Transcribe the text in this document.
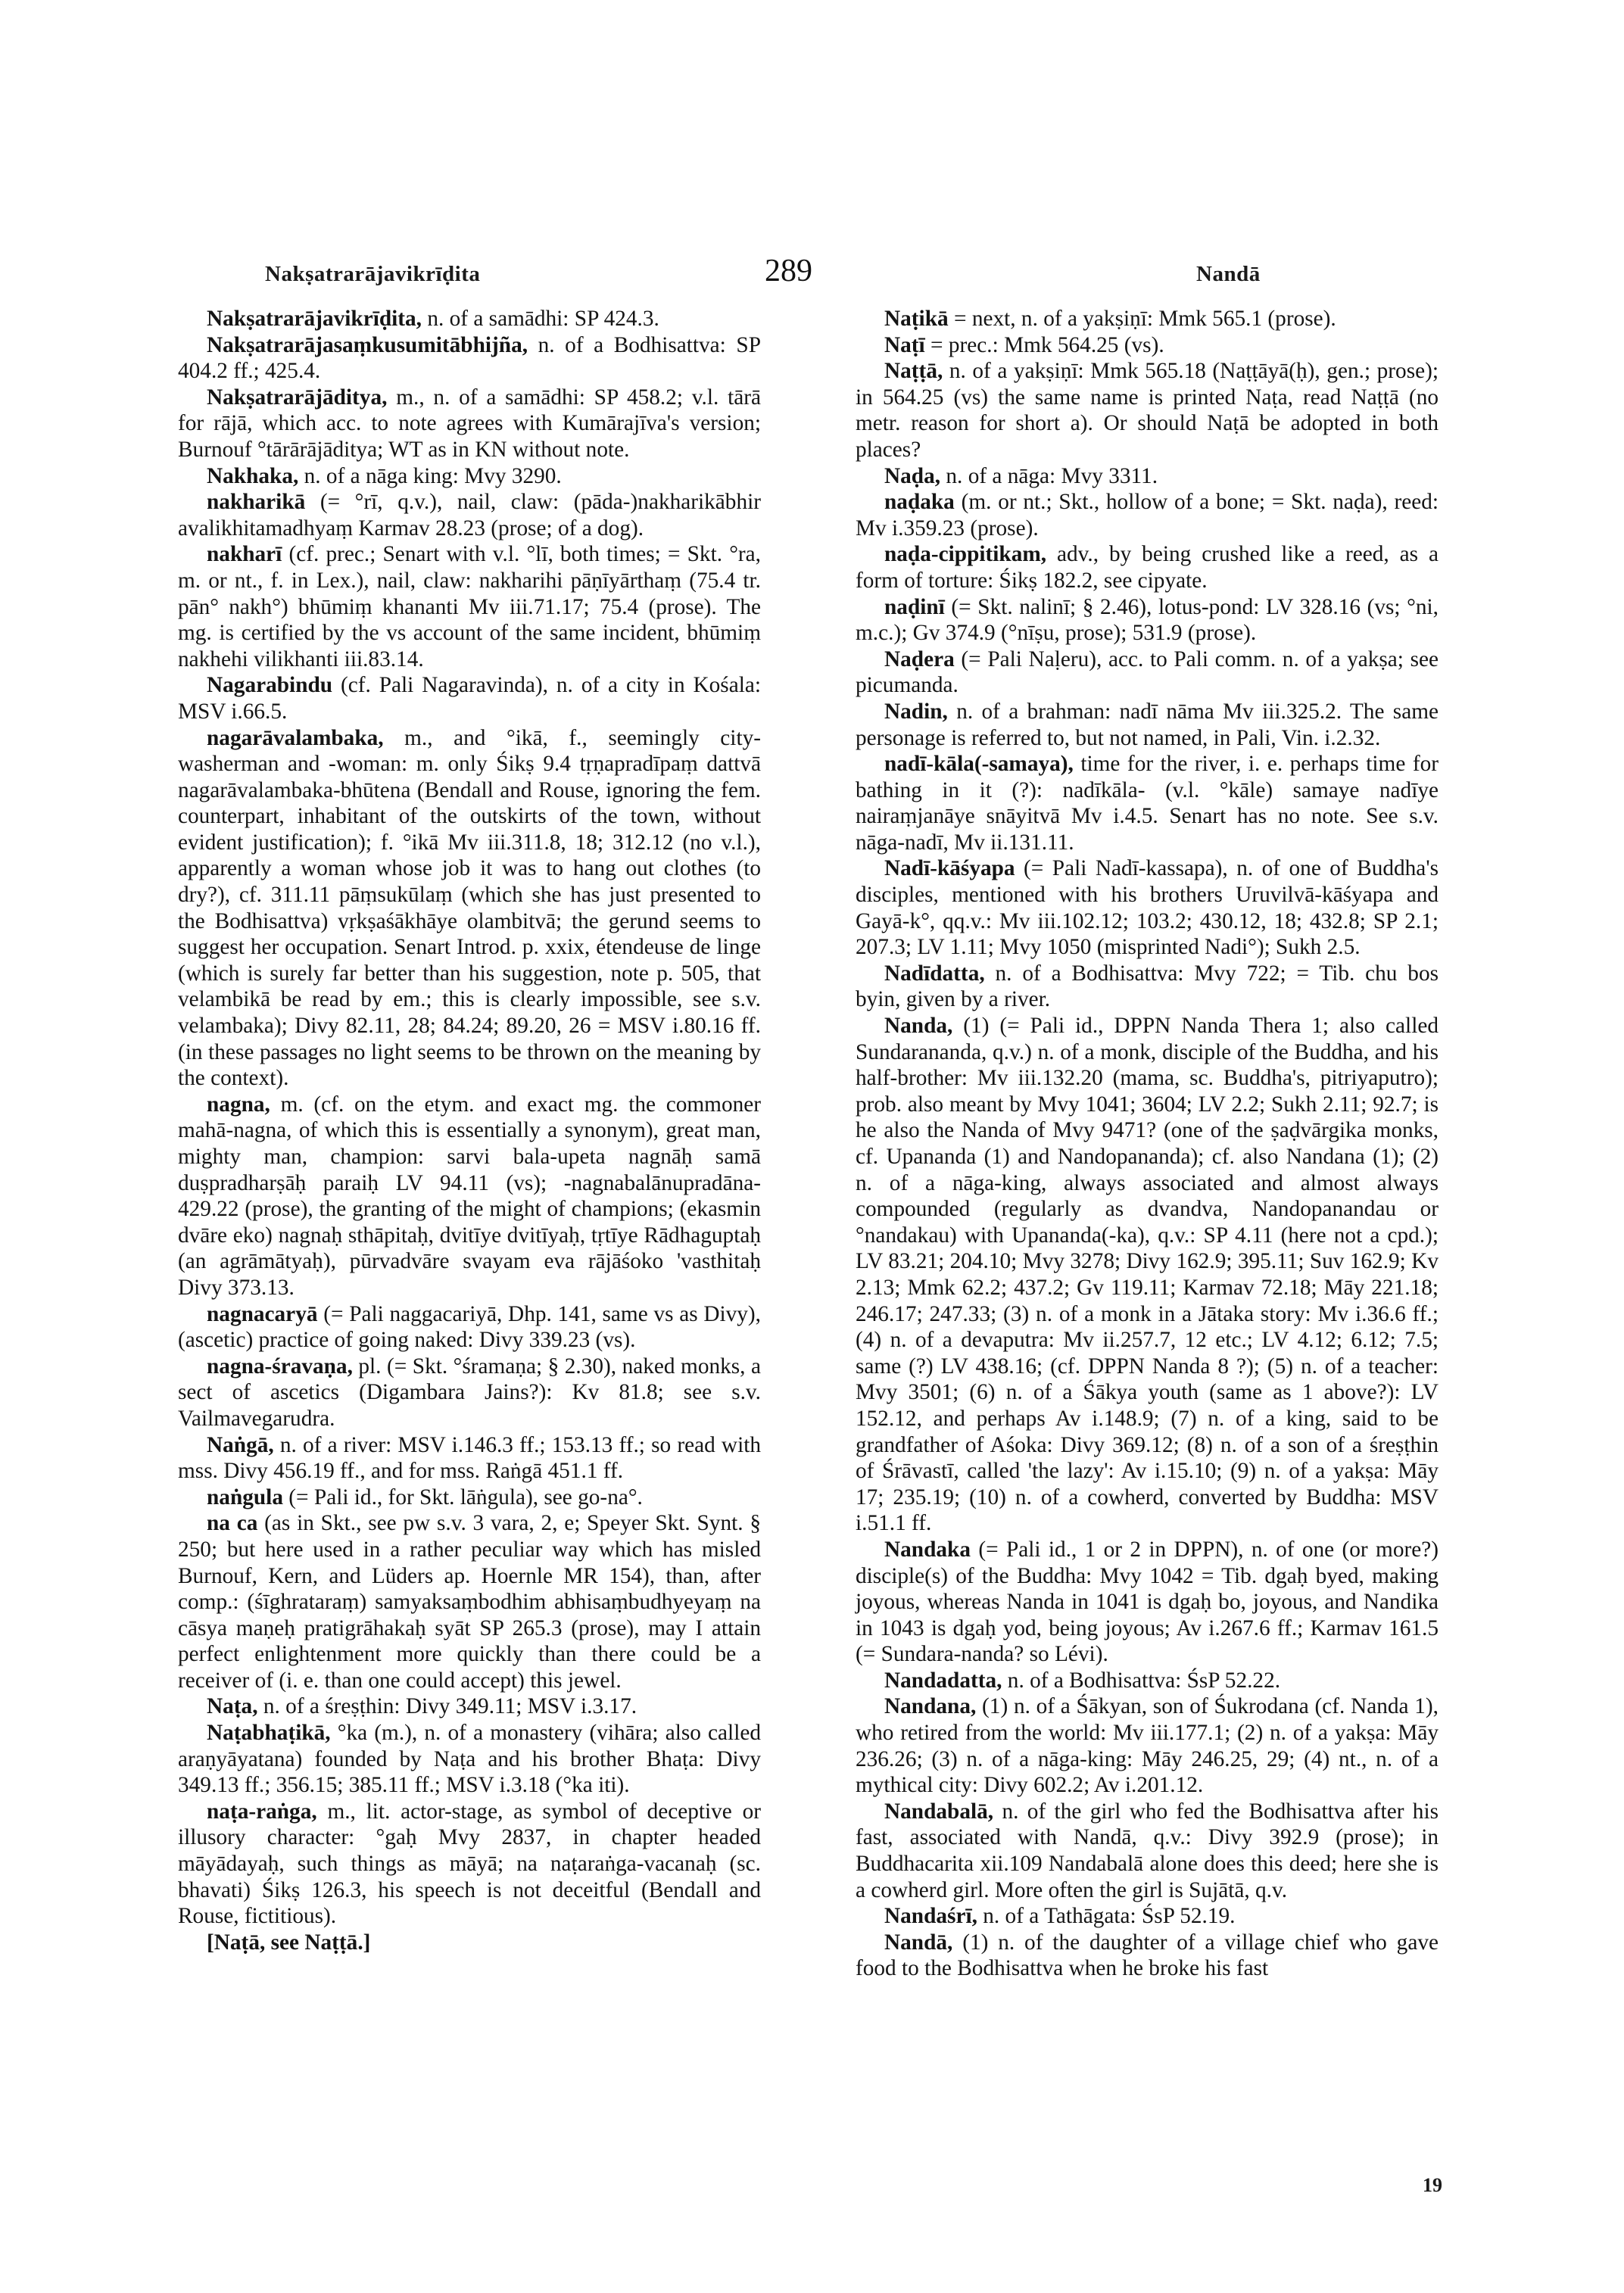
Nakṣatrarājavikrīḍita	289	Nandā

Nakṣatrarājavikrīḍita, n. of a samādhi: SP 424.3.

Nakṣatrarājasaṃkusumitābhijña, n. of a Bodhisattva: SP 404.2 ff.; 425.4.

Nakṣatrarājāditya, m., n. of a samādhi: SP 458.2; v.l. tārā for rājā, which acc. to note agrees with Kumārajīva's version; Burnouf °tārārājāditya; WT as in KN without note.

Nakhaka, n. of a nāga king: Mvy 3290.

nakharikā (= °rī, q.v.), nail, claw: (pāda-)nakharikābhir avalikhitamadhyaṃ Karmav 28.23 (prose; of a dog).

nakharī (cf. prec.; Senart with v.l. °lī, both times; = Skt. °ra, m. or nt., f. in Lex.), nail, claw: nakharihi pāṇīyārthaṃ (75.4 tr. pān° nakh°) bhūmiṃ khananti Mv iii.71.17; 75.4 (prose). The mg. is certified by the vs account of the same incident, bhūmiṃ nakhehi vilikhanti iii.83.14.

Nagarabindu (cf. Pali Nagaravinda), n. of a city in Kośala: MSV i.66.5.

nagarāvalambaka, m., and °ikā, f., seemingly city-washerman and -woman: m. only Śikṣ 9.4 tṛṇapradīpaṃ dattvā nagarāvalambaka-bhūtena (Bendall and Rouse, ignoring the fem. counterpart, inhabitant of the outskirts of the town, without evident justification); f. °ikā Mv iii.311.8, 18; 312.12 (no v.l.), apparently a woman whose job it was to hang out clothes (to dry?), cf. 311.11 pāṃsukūlaṃ (which she has just presented to the Bodhisattva) vṛkṣaśākhāye olambitvā; the gerund seems to suggest her occupation. Senart Introd. p. xxix, étendeuse de linge (which is surely far better than his suggestion, note p. 505, that velambikā be read by em.; this is clearly impossible, see s.v. velambaka); Divy 82.11, 28; 84.24; 89.20, 26 = MSV i.80.16 ff. (in these passages no light seems to be thrown on the meaning by the context).

nagna, m. (cf. on the etym. and exact mg. the commoner mahā-nagna, of which this is essentially a synonym), great man, mighty man, champion: sarvi bala-upeta nagnāḥ samā duṣpradharṣāḥ paraiḥ LV 94.11 (vs); -nagnabalānupradāna- 429.22 (prose), the granting of the might of champions; (ekasmin dvāre eko) nagnaḥ sthāpitaḥ, dvitīye dvitīyaḥ, tṛtīye Rādhaguptaḥ (an agrāmātyaḥ), pūrvadvāre svayam eva rājāśoko 'vasthitaḥ Divy 373.13.

nagnacaryā (= Pali naggacariyā, Dhp. 141, same vs as Divy), (ascetic) practice of going naked: Divy 339.23 (vs).

nagna-śravaṇa, pl. (= Skt. °śramaṇa; § 2.30), naked monks, a sect of ascetics (Digambara Jains?): Kv 81.8; see s.v. Vailmavegarudra.

Naṅgā, n. of a river: MSV i.146.3 ff.; 153.13 ff.; so read with mss. Divy 456.19 ff., and for mss. Raṅgā 451.1 ff.

naṅgula (= Pali id., for Skt. lāṅgula), see go-na°.

na ca (as in Skt., see pw s.v. 3 vara, 2, e; Speyer Skt. Synt. § 250; but here used in a rather peculiar way which has misled Burnouf, Kern, and Lüders ap. Hoernle MR 154), than, after comp.: (śīghrataraṃ) samyaksaṃbodhim abhisaṃbudhyeyaṃ na cāsya maṇeḥ pratigrāhakaḥ syāt SP 265.3 (prose), may I attain perfect enlightenment more quickly than there could be a receiver of (i. e. than one could accept) this jewel.

Naṭa, n. of a śreṣṭhin: Divy 349.11; MSV i.3.17.

Naṭabhaṭikā, °ka (m.), n. of a monastery (vihāra; also called araṇyāyatana) founded by Naṭa and his brother Bhaṭa: Divy 349.13 ff.; 356.15; 385.11 ff.; MSV i.3.18 (°ka iti).

naṭa-raṅga, m., lit. actor-stage, as symbol of deceptive or illusory character: °gaḥ Mvy 2837, in chapter headed māyādayaḥ, such things as māyā; na naṭaraṅga-vacanaḥ (sc. bhavati) Śikṣ 126.3, his speech is not deceitful (Bendall and Rouse, fictitious).

[Naṭā, see Naṭṭā.]

Naṭikā = next, n. of a yakṣiṇī: Mmk 565.1 (prose).

Naṭī = prec.: Mmk 564.25 (vs).

Naṭṭā, n. of a yakṣiṇī: Mmk 565.18 (Naṭṭāyā(ḥ), gen.; prose); in 564.25 (vs) the same name is printed Naṭa, read Naṭṭā (no metr. reason for short a). Or should Naṭā be adopted in both places?

Naḍa, n. of a nāga: Mvy 3311.

naḍaka (m. or nt.; Skt., hollow of a bone; = Skt. naḍa), reed: Mv i.359.23 (prose).

naḍa-cippitikam, adv., by being crushed like a reed, as a form of torture: Śikṣ 182.2, see cipyate.

naḍinī (= Skt. nalinī; § 2.46), lotus-pond: LV 328.16 (vs; °ni, m.c.); Gv 374.9 (°nīṣu, prose); 531.9 (prose).

Naḍera (= Pali Naḷeru), acc. to Pali comm. n. of a yakṣa; see picumanda.

Nadin, n. of a brahman: nadī nāma Mv iii.325.2. The same personage is referred to, but not named, in Pali, Vin. i.2.32.

nadī-kāla(-samaya), time for the river, i. e. perhaps time for bathing in it (?): nadīkāla- (v.l. °kāle) samaye nadīye nairaṃjanāye snāyitvā Mv i.4.5. Senart has no note. See s.v. nāga-nadī, Mv ii.131.11.

Nadī-kāśyapa (= Pali Nadī-kassapa), n. of one of Buddha's disciples, mentioned with his brothers Uruvilvā-kāśyapa and Gayā-k°, qq.v.: Mv iii.102.12; 103.2; 430.12, 18; 432.8; SP 2.1; 207.3; LV 1.11; Mvy 1050 (misprinted Nadi°); Sukh 2.5.

Nadīdatta, n. of a Bodhisattva: Mvy 722; = Tib. chu bos byin, given by a river.

Nanda, (1) (= Pali id., DPPN Nanda Thera 1; also called Sundarananda, q.v.) n. of a monk, disciple of the Buddha, and his half-brother: Mv iii.132.20 (mama, sc. Buddha's, pitriyaputro); prob. also meant by Mvy 1041; 3604; LV 2.2; Sukh 2.11; 92.7; is he also the Nanda of Mvy 9471? (one of the ṣaḍvārgika monks, cf. Upananda (1) and Nandopananda); cf. also Nandana (1); (2) n. of a nāga-king, always associated and almost always compounded (regularly as dvandva, Nandopanandau or °nandakau) with Upananda(-ka), q.v.: SP 4.11 (here not a cpd.); LV 83.21; 204.10; Mvy 3278; Divy 162.9; 395.11; Suv 162.9; Kv 2.13; Mmk 62.2; 437.2; Gv 119.11; Karmav 72.18; Māy 221.18; 246.17; 247.33; (3) n. of a monk in a Jātaka story: Mv i.36.6 ff.; (4) n. of a devaputra: Mv ii.257.7, 12 etc.; LV 4.12; 6.12; 7.5; same (?) LV 438.16; (cf. DPPN Nanda 8 ?); (5) n. of a teacher: Mvy 3501; (6) n. of a Śākya youth (same as 1 above?): LV 152.12, and perhaps Av i.148.9; (7) n. of a king, said to be grandfather of Aśoka: Divy 369.12; (8) n. of a son of a śreṣṭhin of Śrāvastī, called 'the lazy': Av i.15.10; (9) n. of a yakṣa: Māy 17; 235.19; (10) n. of a cowherd, converted by Buddha: MSV i.51.1 ff.

Nandaka (= Pali id., 1 or 2 in DPPN), n. of one (or more?) disciple(s) of the Buddha: Mvy 1042 = Tib. dgaḥ byed, making joyous, whereas Nanda in 1041 is dgaḥ bo, joyous, and Nandika in 1043 is dgaḥ yod, being joyous; Av i.267.6 ff.; Karmav 161.5 (= Sundara-nanda? so Lévi).

Nandadatta, n. of a Bodhisattva: ŚsP 52.22.

Nandana, (1) n. of a Śākyan, son of Śukrodana (cf. Nanda 1), who retired from the world: Mv iii.177.1; (2) n. of a yakṣa: Māy 236.26; (3) n. of a nāga-king: Māy 246.25, 29; (4) nt., n. of a mythical city: Divy 602.2; Av i.201.12.

Nandabalā, n. of the girl who fed the Bodhisattva after his fast, associated with Nandā, q.v.: Divy 392.9 (prose); in Buddhacarita xii.109 Nandabalā alone does this deed; here she is a cowherd girl. More often the girl is Sujātā, q.v.

Nandaśrī, n. of a Tathāgata: ŚsP 52.19.

Nandā, (1) n. of the daughter of a village chief who gave food to the Bodhisattva when he broke his fast

19
